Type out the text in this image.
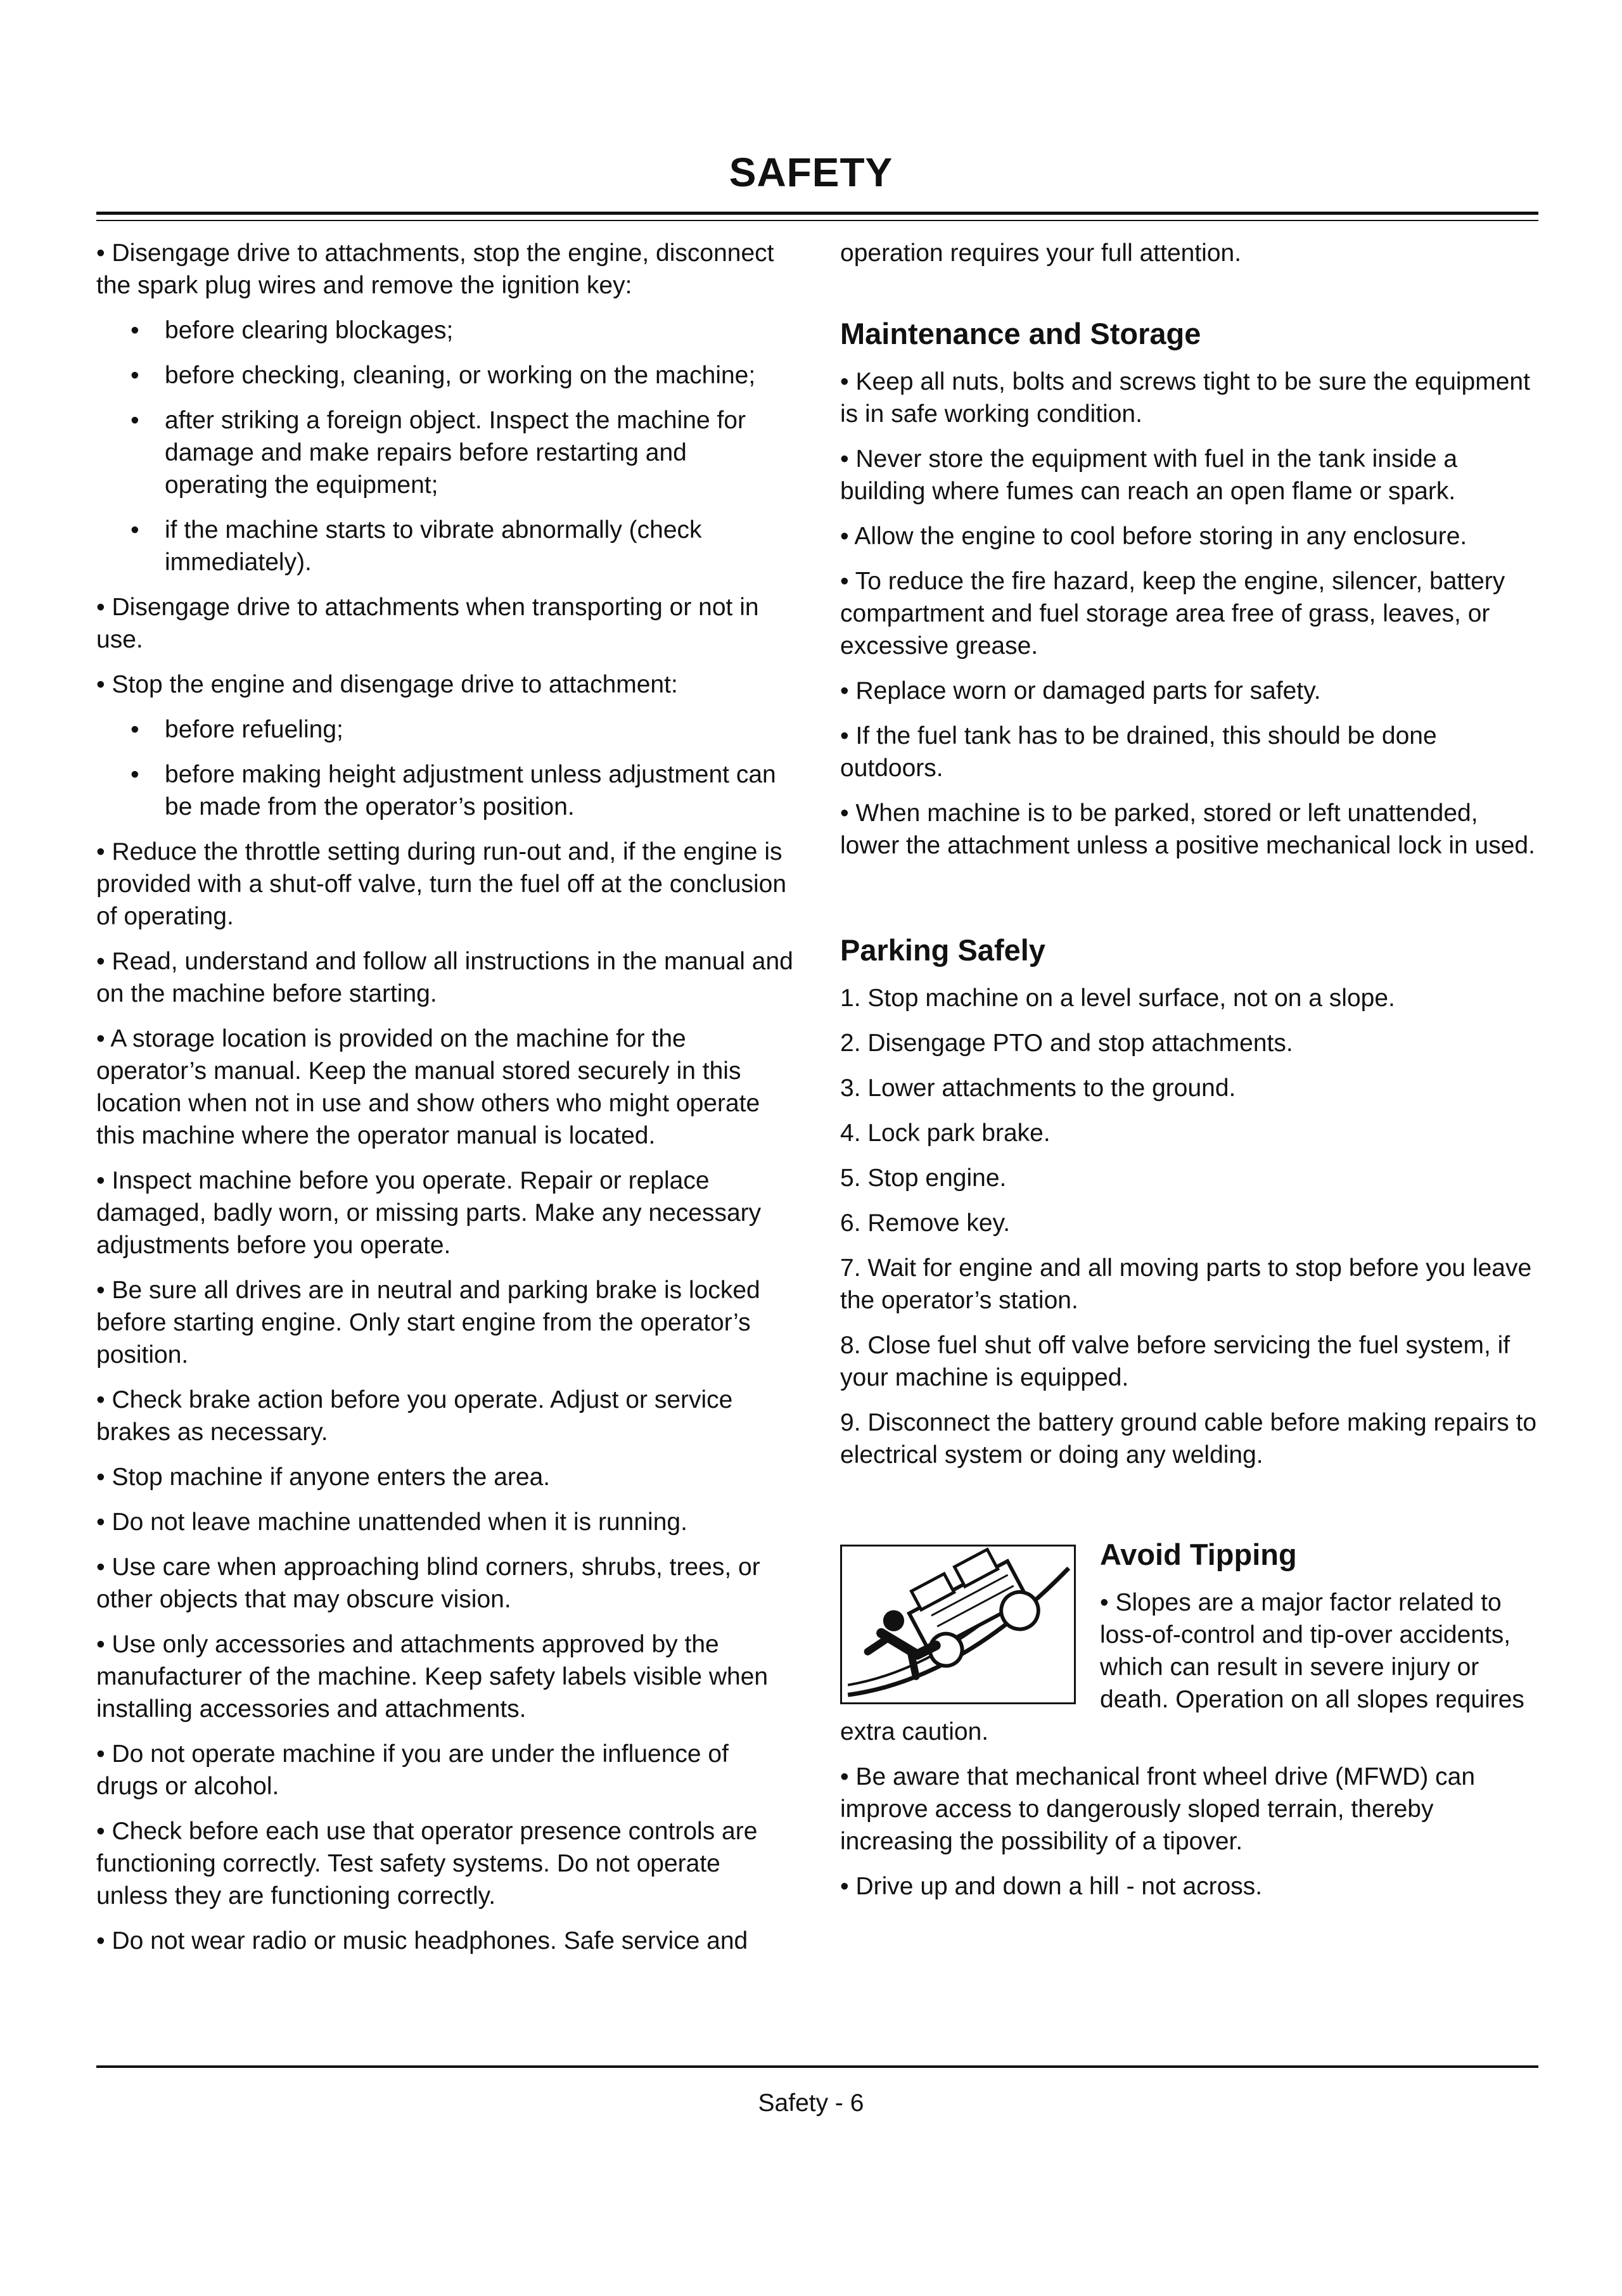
SAFETY

• Disengage drive to attachments, stop the engine, disconnect the spark plug wires and remove the ignition key:

• before clearing blockages;

• before checking, cleaning, or working on the machine;

• after striking a foreign object. Inspect the machine for damage and make repairs before restarting and operating the equipment;

• if the machine starts to vibrate abnormally (check immediately).

• Disengage drive to attachments when transporting or not in use.

• Stop the engine and disengage drive to attachment:

• before refueling;

• before making height adjustment unless adjustment can be made from the operator’s position.

• Reduce the throttle setting during run-out and, if the engine is provided with a shut-off valve, turn the fuel off at the conclusion of operating.

• Read, understand and follow all instructions in the manual and on the machine before starting.

• A storage location is provided on the machine for the operator’s manual. Keep the manual stored securely in this location when not in use and show others who might operate this machine where the operator manual is located.

• Inspect machine before you operate. Repair or replace damaged, badly worn, or missing parts. Make any necessary adjustments before you operate.

• Be sure all drives are in neutral and parking brake is locked before starting engine. Only start engine from the operator’s position.

• Check brake action before you operate. Adjust or service brakes as necessary.

• Stop machine if anyone enters the area.

• Do not leave machine unattended when it is running.

• Use care when approaching blind corners, shrubs, trees, or other objects that may obscure vision.

• Use only accessories and attachments approved by the manufacturer of the machine. Keep safety labels visible when installing accessories and attachments.

• Do not operate machine if you are under the influence of drugs or alcohol.

• Check before each use that operator presence controls are functioning correctly. Test safety systems. Do not operate unless they are functioning correctly.

• Do not wear radio or music headphones. Safe service and

operation requires your full attention.

Maintenance and Storage

• Keep all nuts, bolts and screws tight to be sure the equipment is in safe working condition.

• Never store the equipment with fuel in the tank inside a building where fumes can reach an open flame or spark.

• Allow the engine to cool before storing in any enclosure.

• To reduce the fire hazard, keep the engine, silencer, battery compartment and fuel storage area free of grass, leaves, or excessive grease.

• Replace worn or damaged parts for safety.

• If the fuel tank has to be drained, this should be done outdoors.

• When machine is to be parked, stored or left unattended, lower the attachment unless a positive mechanical lock in used.

Parking Safely

1. Stop machine on a level surface, not on a slope.

2. Disengage PTO and stop attachments.

3. Lower attachments to the ground.

4. Lock park brake.

5. Stop engine.

6. Remove key.

7. Wait for engine and all moving parts to stop before you leave the operator’s station.

8. Close fuel shut off valve before servicing the fuel system, if your machine is equipped.

9. Disconnect the battery ground cable before making repairs to electrical system or doing any welding.

Avoid Tipping

• Slopes are a major factor related to loss-of-control and tip-over accidents, which can result in severe injury or death. Operation on all slopes requires extra caution.

• Be aware that mechanical front wheel drive (MFWD) can improve access to dangerously sloped terrain, thereby increasing the possibility of a tipover.

• Drive up and down a hill - not across.

Safety - 6
